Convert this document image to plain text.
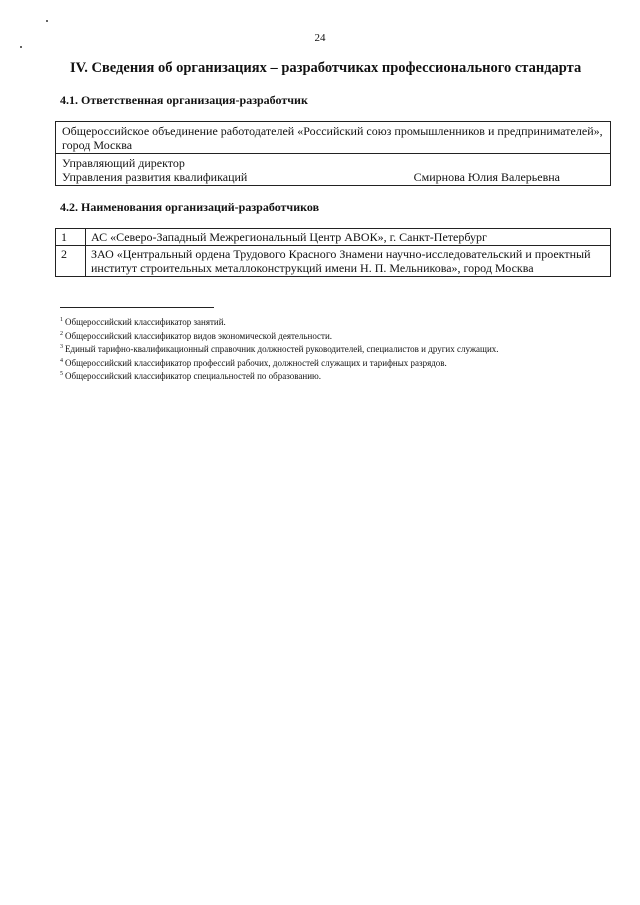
24
IV. Сведения об организациях – разработчиках профессионального стандарта
4.1. Ответственная организация-разработчик
Общероссийское объединение работодателей «Российский союз промышленников и предпринимателей», город Москва

Управляющий директор
Управления развития квалификаций	Смирнова Юлия Валерьевна
4.2. Наименования организаций-разработчиков
1	АС «Северо-Западный Межрегиональный Центр АВОК», г. Санкт-Петербург
2	ЗАО «Центральный ордена Трудового Красного Знамени научно-исследовательский и проектный институт строительных металлоконструкций имени Н. П. Мельникова», город Москва
$^1$ Общероссийский классификатор занятий.
$^2$ Общероссийский классификатор видов экономической деятельности.
$^3$ Единый тарифно-квалификационный справочник должностей руководителей, специалистов и других служащих.
$^4$ Общероссийский классификатор профессий рабочих, должностей служащих и тарифных разрядов.
$^5$ Общероссийский классификатор специальностей по образованию.
